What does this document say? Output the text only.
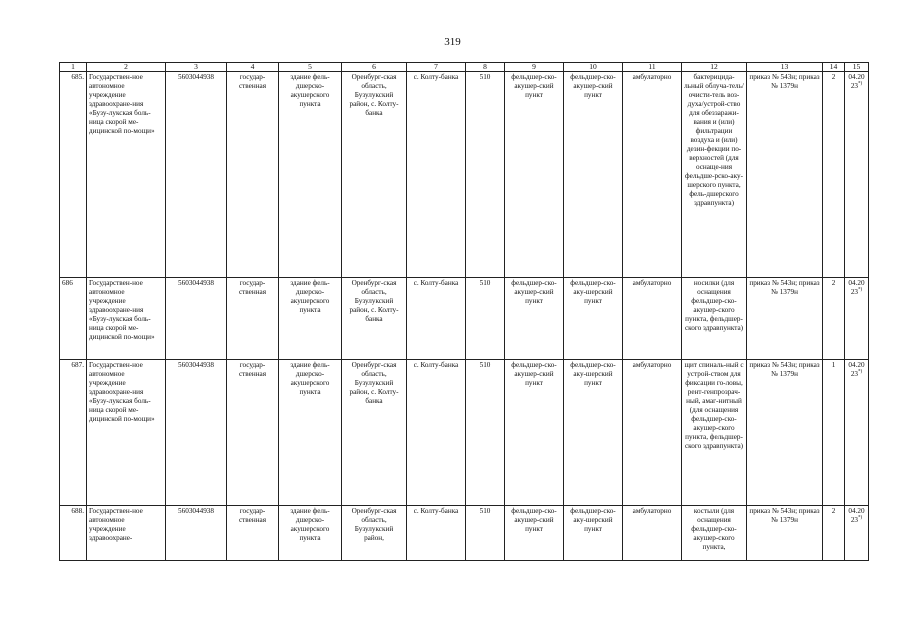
319
1	2	3	4	5	6	7	8	9	10	11	12	13	14	15
685.	Государствен-ное автономное учреждение здравоохране-ния «Бузу-лукская боль-ница скорой ме-дицинской по-мощи»	5603044938	государ-ственная	здание фель-дшерско-акушерского пункта	Оренбург-ская область, Бузулукский район, с. Колту-банка	с. Колту-банка	510	фельдшер-ско-акушер-ский пункт	фельдшер-ско-акушер-ский пункт	амбулаторно	бактерицида-льный облуча-тель/очисти-тель воз-духа/устрой-ство для обеззаражи-вания и (или) фильтрации воздуха и (или) дезин-фекции по-верхностей (для оснаще-ния фельдше-рско-аку-шерского пункта, фель-дшерского здравпункта)	приказ № 543н; приказ № 1379н	2	04.2023*)
686	Государствен-ное автономное учреждение здравоохране-ния «Бузу-лукская боль-ница скорой ме-дицинской по-мощи»	5603044938	государ-ственная	здание фель-дшерско-акушерского пункта	Оренбург-ская область, Бузулукский район, с. Колту-банка	с. Колту-банка	510	фельдшер-ско-акушер-ский пункт	фельдшер-ско-аку-шерский пункт	амбулаторно	носилки (для оснащения фельдшер-ско-акушер-ского пункта, фельдшер-ского здравпункта)	приказ № 543н; приказ № 1379н	2	04.2023*)
687.	Государствен-ное автономное учреждение здравоохране-ния «Бузу-лукская боль-ница скорой ме-дицинской по-мощи»	5603044938	государ-ственная	здание фель-дшерско-акушерского пункта	Оренбург-ская область, Бузулукский район, с. Колту-банка	с. Колту-банка	510	фельдшер-ско-акушер-ский пункт	фельдшер-ско-аку-шерский пункт	амбулаторно	щит спиналь-ный с устрой-ством для фиксации го-ловы, рент-генпрозрач-ный, амаг-нитный (для оснащения фельдшер-ско-акушер-ского пункта, фельдшер-ского здравпункта)	приказ № 543н; приказ № 1379н	1	04.2023*)
688.	Государствен-ное автономное учреждение здравоохране-	5603044938	государ-ственная	здание фель-дшерско-акушерского пункта	Оренбург-ская область, Бузулукский район,	с. Колту-банка	510	фельдшер-ско-акушер-ский пункт	фельдшер-ско-аку-шерский пункт	амбулаторно	костыли (для оснащения фельдшер-ско-акушер-ского пункта,	приказ № 543н; приказ № 1379н	2	04.2023*)
